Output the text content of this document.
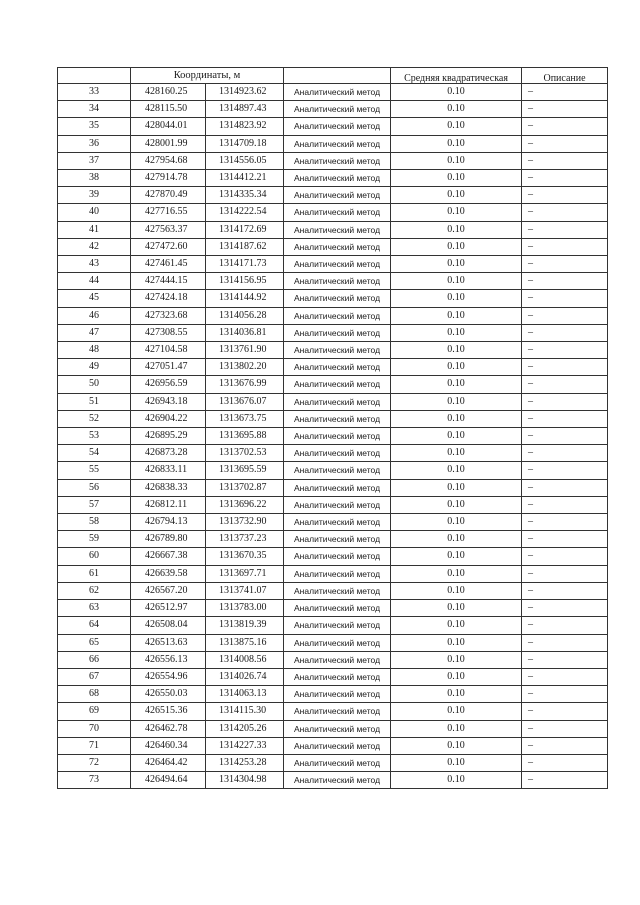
	Координаты, м			Средняя квадратическая	Описание
33	428160.25	1314923.62	Аналитический метод	0.10	–
34	428115.50	1314897.43	Аналитический метод	0.10	–
35	428044.01	1314823.92	Аналитический метод	0.10	–
36	428001.99	1314709.18	Аналитический метод	0.10	–
37	427954.68	1314556.05	Аналитический метод	0.10	–
38	427914.78	1314412.21	Аналитический метод	0.10	–
39	427870.49	1314335.34	Аналитический метод	0.10	–
40	427716.55	1314222.54	Аналитический метод	0.10	–
41	427563.37	1314172.69	Аналитический метод	0.10	–
42	427472.60	1314187.62	Аналитический метод	0.10	–
43	427461.45	1314171.73	Аналитический метод	0.10	–
44	427444.15	1314156.95	Аналитический метод	0.10	–
45	427424.18	1314144.92	Аналитический метод	0.10	–
46	427323.68	1314056.28	Аналитический метод	0.10	–
47	427308.55	1314036.81	Аналитический метод	0.10	–
48	427104.58	1313761.90	Аналитический метод	0.10	–
49	427051.47	1313802.20	Аналитический метод	0.10	–
50	426956.59	1313676.99	Аналитический метод	0.10	–
51	426943.18	1313676.07	Аналитический метод	0.10	–
52	426904.22	1313673.75	Аналитический метод	0.10	–
53	426895.29	1313695.88	Аналитический метод	0.10	–
54	426873.28	1313702.53	Аналитический метод	0.10	–
55	426833.11	1313695.59	Аналитический метод	0.10	–
56	426838.33	1313702.87	Аналитический метод	0.10	–
57	426812.11	1313696.22	Аналитический метод	0.10	–
58	426794.13	1313732.90	Аналитический метод	0.10	–
59	426789.80	1313737.23	Аналитический метод	0.10	–
60	426667.38	1313670.35	Аналитический метод	0.10	–
61	426639.58	1313697.71	Аналитический метод	0.10	–
62	426567.20	1313741.07	Аналитический метод	0.10	–
63	426512.97	1313783.00	Аналитический метод	0.10	–
64	426508.04	1313819.39	Аналитический метод	0.10	–
65	426513.63	1313875.16	Аналитический метод	0.10	–
66	426556.13	1314008.56	Аналитический метод	0.10	–
67	426554.96	1314026.74	Аналитический метод	0.10	–
68	426550.03	1314063.13	Аналитический метод	0.10	–
69	426515.36	1314115.30	Аналитический метод	0.10	–
70	426462.78	1314205.26	Аналитический метод	0.10	–
71	426460.34	1314227.33	Аналитический метод	0.10	–
72	426464.42	1314253.28	Аналитический метод	0.10	–
73	426494.64	1314304.98	Аналитический метод	0.10	–
